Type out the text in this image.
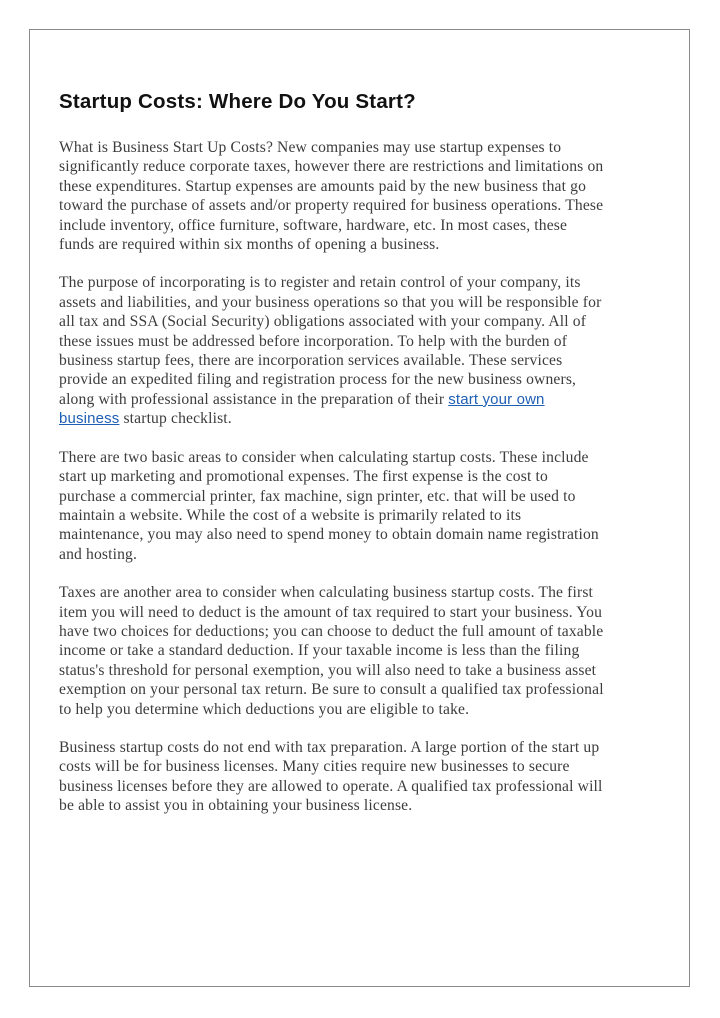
Startup Costs: Where Do You Start?

What is Business Start Up Costs? New companies may use startup expenses to significantly reduce corporate taxes, however there are restrictions and limitations on these expenditures. Startup expenses are amounts paid by the new business that go toward the purchase of assets and/or property required for business operations. These include inventory, office furniture, software, hardware, etc. In most cases, these funds are required within six months of opening a business.

The purpose of incorporating is to register and retain control of your company, its assets and liabilities, and your business operations so that you will be responsible for all tax and SSA (Social Security) obligations associated with your company. All of these issues must be addressed before incorporation. To help with the burden of business startup fees, there are incorporation services available. These services provide an expedited filing and registration process for the new business owners, along with professional assistance in the preparation of their start your own business startup checklist.

There are two basic areas to consider when calculating startup costs. These include start up marketing and promotional expenses. The first expense is the cost to purchase a commercial printer, fax machine, sign printer, etc. that will be used to maintain a website. While the cost of a website is primarily related to its maintenance, you may also need to spend money to obtain domain name registration and hosting.

Taxes are another area to consider when calculating business startup costs. The first item you will need to deduct is the amount of tax required to start your business. You have two choices for deductions; you can choose to deduct the full amount of taxable income or take a standard deduction. If your taxable income is less than the filing status's threshold for personal exemption, you will also need to take a business asset exemption on your personal tax return. Be sure to consult a qualified tax professional to help you determine which deductions you are eligible to take.

Business startup costs do not end with tax preparation. A large portion of the start up costs will be for business licenses. Many cities require new businesses to secure business licenses before they are allowed to operate. A qualified tax professional will be able to assist you in obtaining your business license.
